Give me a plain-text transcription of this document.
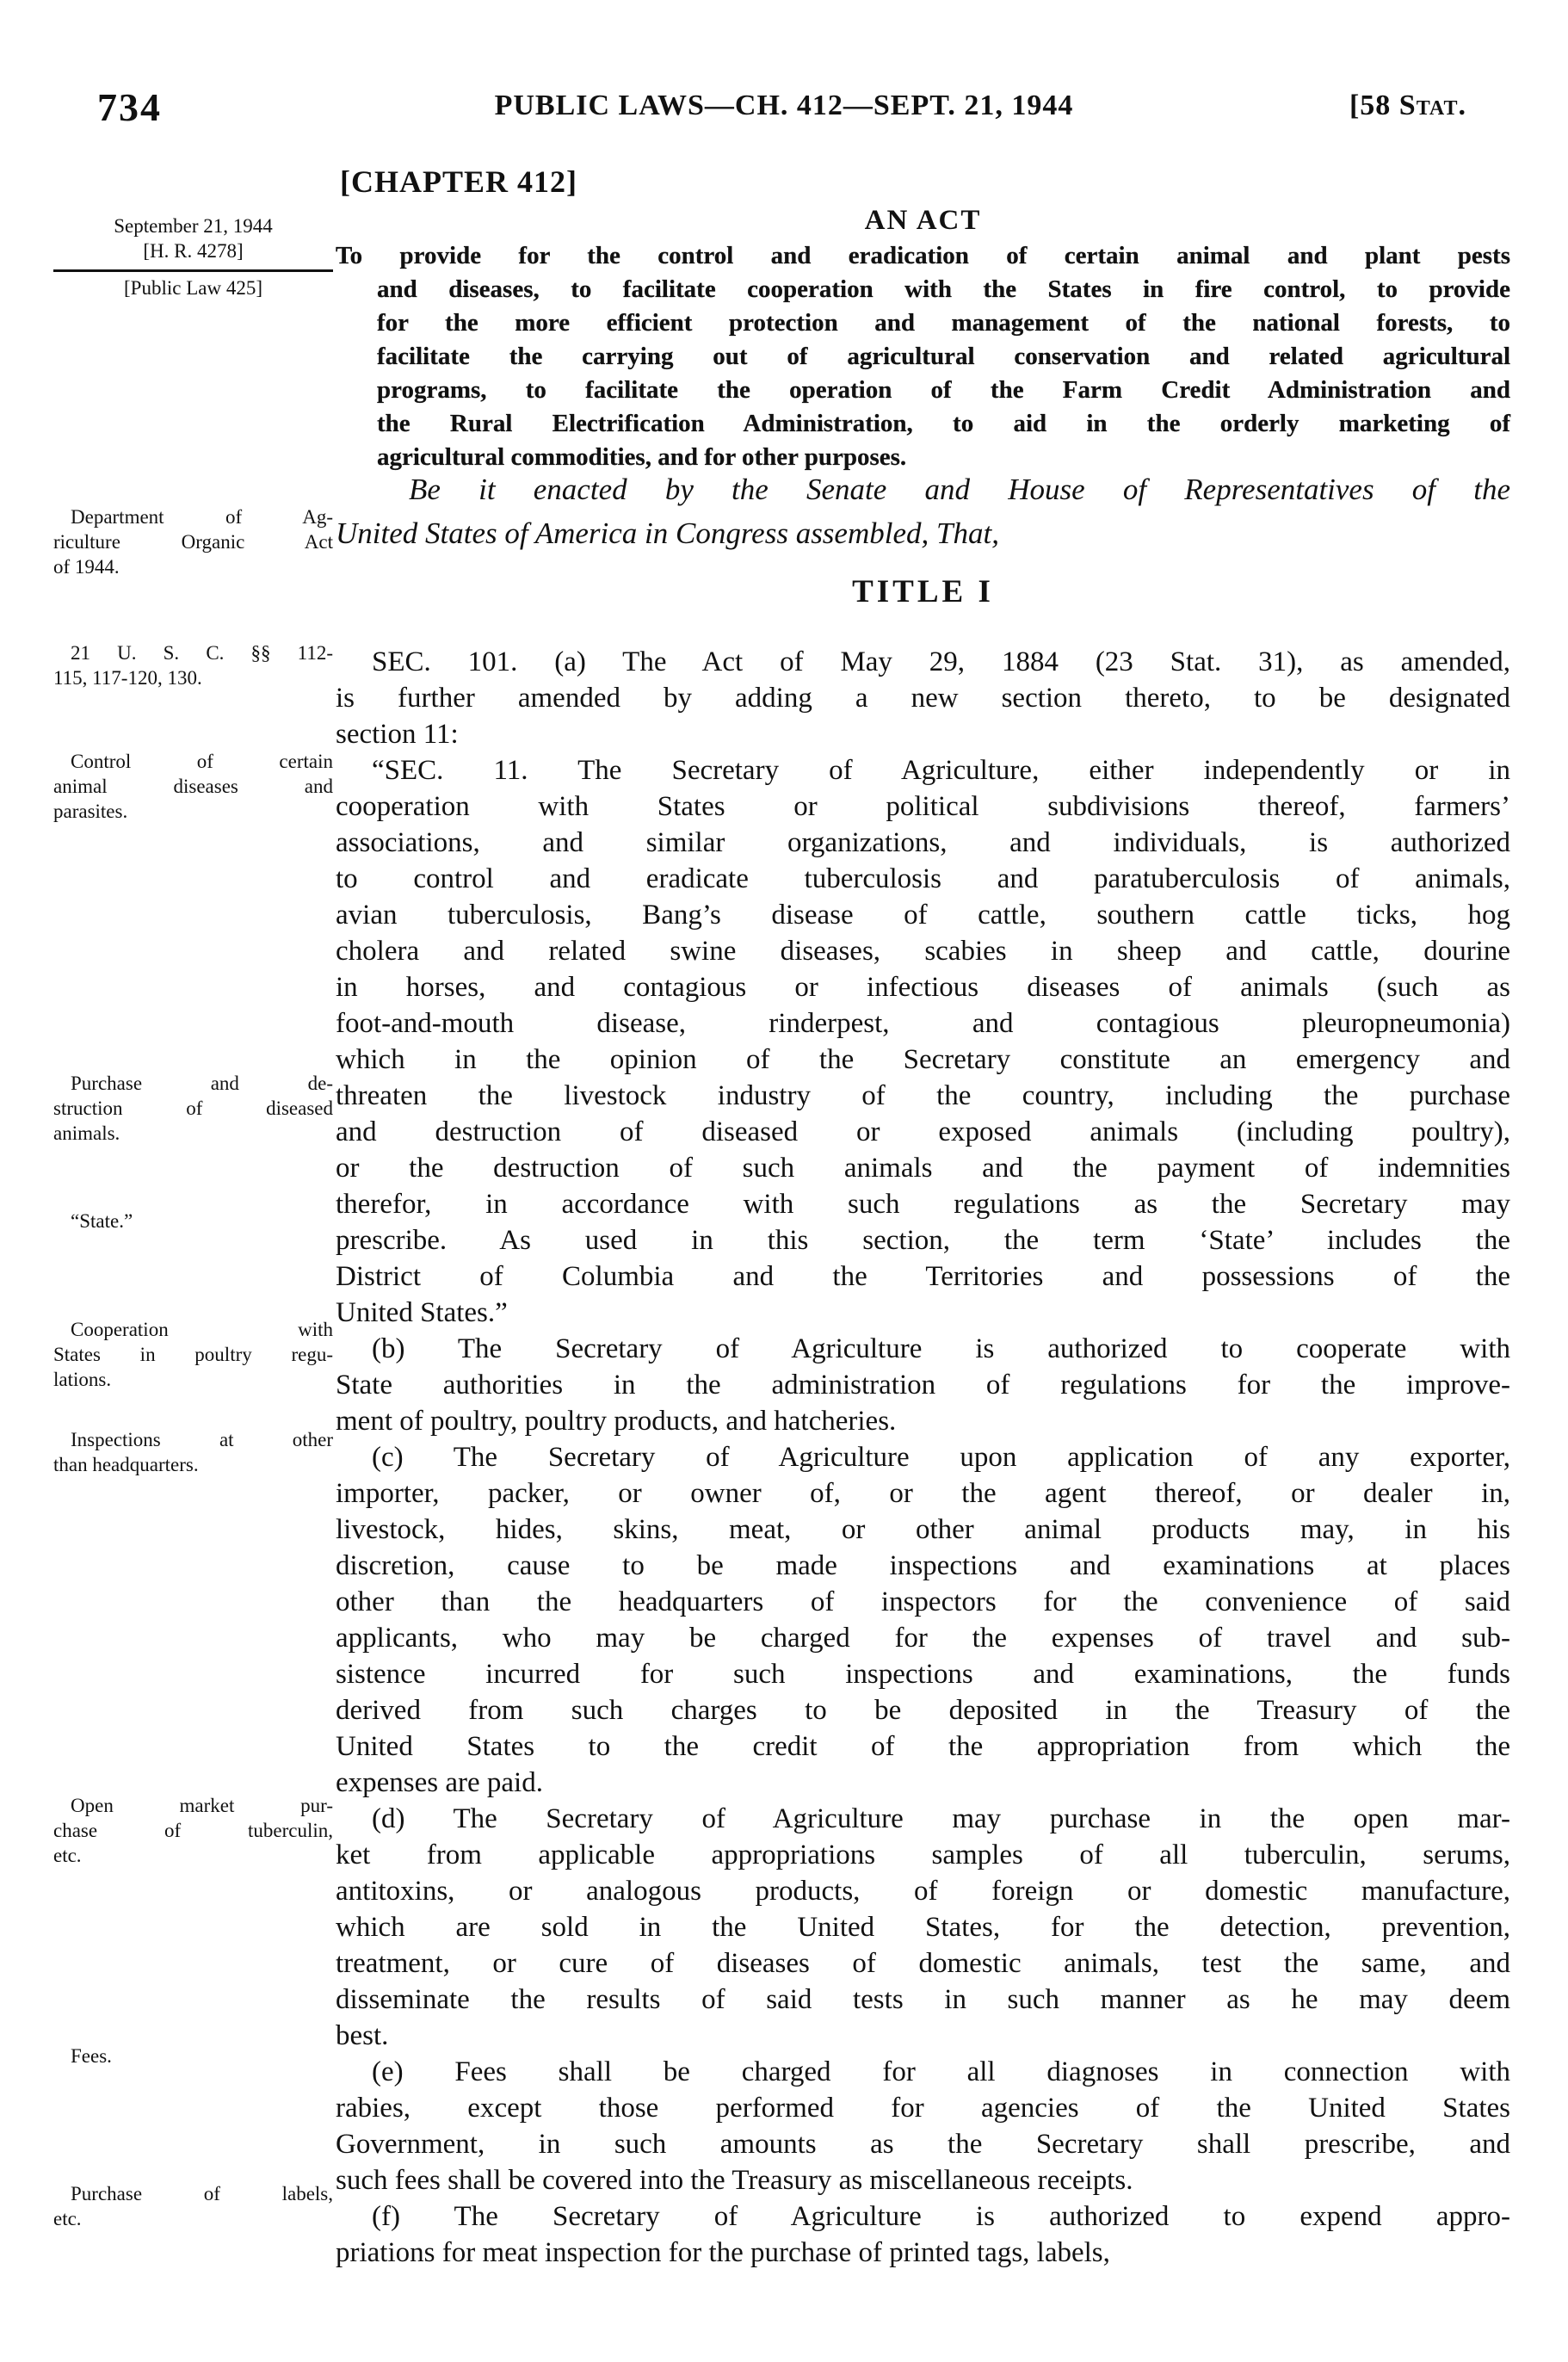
734	PUBLIC LAWS—CH. 412—SEPT. 21, 1944	[58 Stat.
[CHAPTER 412]
AN ACT
To provide for the control and eradication of certain animal and plant pests
and diseases, to facilitate cooperation with the States in fire control, to provide
for the more efficient protection and management of the national forests, to
facilitate the carrying out of agricultural conservation and related agricultural
programs, to facilitate the operation of the Farm Credit Administration and
the Rural Electrification Administration, to aid in the orderly marketing of
agricultural commodities, and for other purposes.
Be it enacted by the Senate and House of Representatives of the
United States of America in Congress assembled, That,
TITLE I
SEC. 101. (a) The Act of May 29, 1884 (23 Stat. 31), as amended,
is further amended by adding a new section thereto, to be designated
section 11:
“SEC. 11. The Secretary of Agriculture, either independently or in
cooperation with States or political subdivisions thereof, farmers’
associations, and similar organizations, and individuals, is authorized
to control and eradicate tuberculosis and paratuberculosis of animals,
avian tuberculosis, Bang’s disease of cattle, southern cattle ticks, hog
cholera and related swine diseases, scabies in sheep and cattle, dourine
in horses, and contagious or infectious diseases of animals (such as
foot-and-mouth disease, rinderpest, and contagious pleuropneumonia)
which in the opinion of the Secretary constitute an emergency and
threaten the livestock industry of the country, including the purchase
and destruction of diseased or exposed animals (including poultry),
or the destruction of such animals and the payment of indemnities
therefor, in accordance with such regulations as the Secretary may
prescribe. As used in this section, the term ‘State’ includes the
District of Columbia and the Territories and possessions of the
United States.”
(b) The Secretary of Agriculture is authorized to cooperate with
State authorities in the administration of regulations for the improve-
ment of poultry, poultry products, and hatcheries.
(c) The Secretary of Agriculture upon application of any exporter,
importer, packer, or owner of, or the agent thereof, or dealer in,
livestock, hides, skins, meat, or other animal products may, in his
discretion, cause to be made inspections and examinations at places
other than the headquarters of inspectors for the convenience of said
applicants, who may be charged for the expenses of travel and sub-
sistence incurred for such inspections and examinations, the funds
derived from such charges to be deposited in the Treasury of the
United States to the credit of the appropriation from which the
expenses are paid.
(d) The Secretary of Agriculture may purchase in the open mar-
ket from applicable appropriations samples of all tuberculin, serums,
antitoxins, or analogous products, of foreign or domestic manufacture,
which are sold in the United States, for the detection, prevention,
treatment, or cure of diseases of domestic animals, test the same, and
disseminate the results of said tests in such manner as he may deem
best.
(e) Fees shall be charged for all diagnoses in connection with
rabies, except those performed for agencies of the United States
Government, in such amounts as the Secretary shall prescribe, and
such fees shall be covered into the Treasury as miscellaneous receipts.
(f) The Secretary of Agriculture is authorized to expend appro-
priations for meat inspection for the purchase of printed tags, labels,
September 21, 1944
[H. R. 4278]
[Public Law 425]
Department of Ag-
riculture Organic Act
of 1944.
21 U. S. C. §§ 112-
115, 117-120, 130.
Control of certain
animal diseases and
parasites.
Purchase and de-
struction of diseased
animals.
“State.”
Cooperation with
States in poultry regu-
lations.
Inspections at other
than headquarters.
Open market pur-
chase of tuberculin,
etc.
Fees.
Purchase of labels,
etc.
